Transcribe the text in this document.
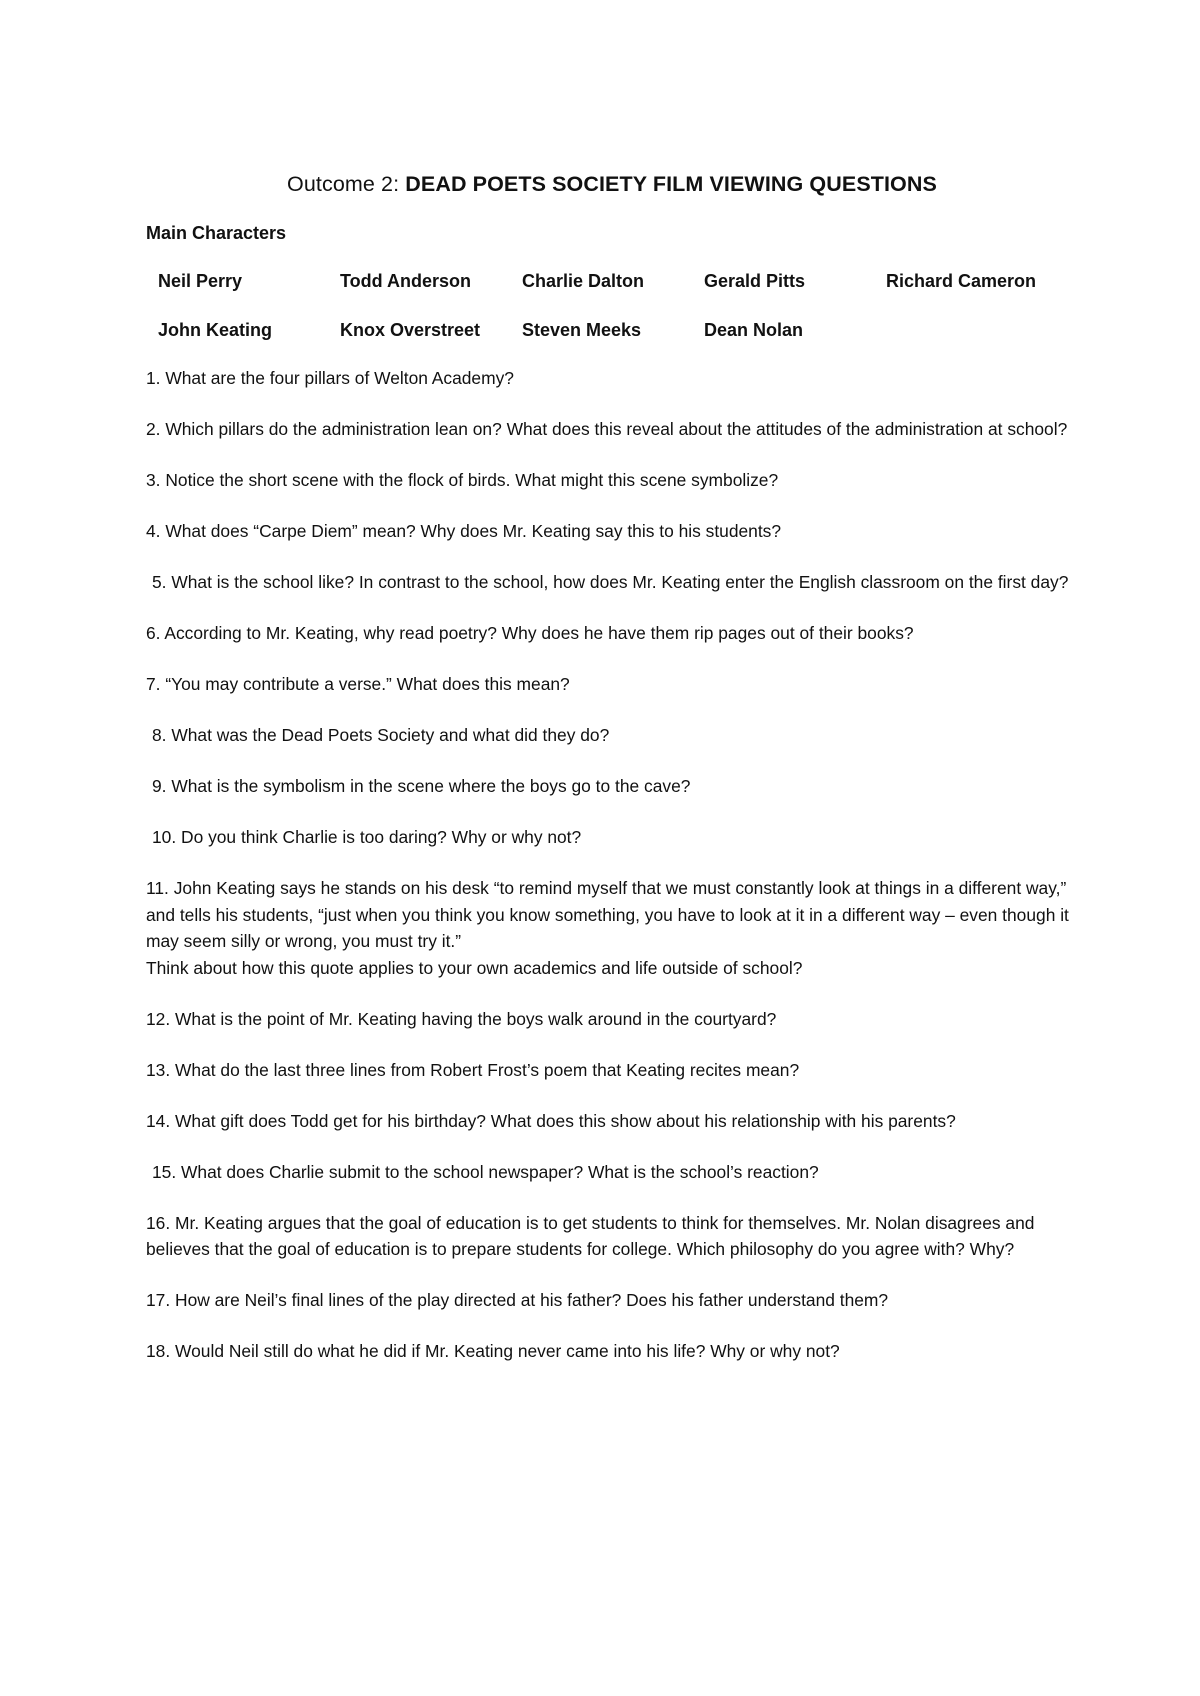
Outcome 2: DEAD POETS SOCIETY FILM VIEWING QUESTIONS
Main Characters
Neil Perry	Todd Anderson	Charlie Dalton	Gerald Pitts	Richard Cameron
John Keating	Knox Overstreet	Steven Meeks	Dean Nolan
1. What are the four pillars of Welton Academy?
2. Which pillars do the administration lean on? What does this reveal about the attitudes of the administration at school?
3. Notice the short scene with the flock of birds. What might this scene symbolize?
4. What does “Carpe Diem” mean? Why does Mr. Keating say this to his students?
5. What is the school like? In contrast to the school, how does Mr. Keating enter the English classroom on the first day?
6. According to Mr. Keating, why read poetry? Why does he have them rip pages out of their books?
7. “You may contribute a verse.” What does this mean?
8. What was the Dead Poets Society and what did they do?
9. What is the symbolism in the scene where the boys go to the cave?
10. Do you think Charlie is too daring? Why or why not?
11. John Keating says he stands on his desk “to remind myself that we must constantly look at things in a different way,” and tells his students, “just when you think you know something, you have to look at it in a different way – even though it may seem silly or wrong, you must try it.”
Think about how this quote applies to your own academics and life outside of school?
12. What is the point of Mr. Keating having the boys walk around in the courtyard?
13. What do the last three lines from Robert Frost’s poem that Keating recites mean?
14. What gift does Todd get for his birthday? What does this show about his relationship with his parents?
15. What does Charlie submit to the school newspaper? What is the school’s reaction?
16. Mr. Keating argues that the goal of education is to get students to think for themselves. Mr. Nolan disagrees and believes that the goal of education is to prepare students for college. Which philosophy do you agree with? Why?
17. How are Neil’s final lines of the play directed at his father? Does his father understand them?
18. Would Neil still do what he did if Mr. Keating never came into his life? Why or why not?
